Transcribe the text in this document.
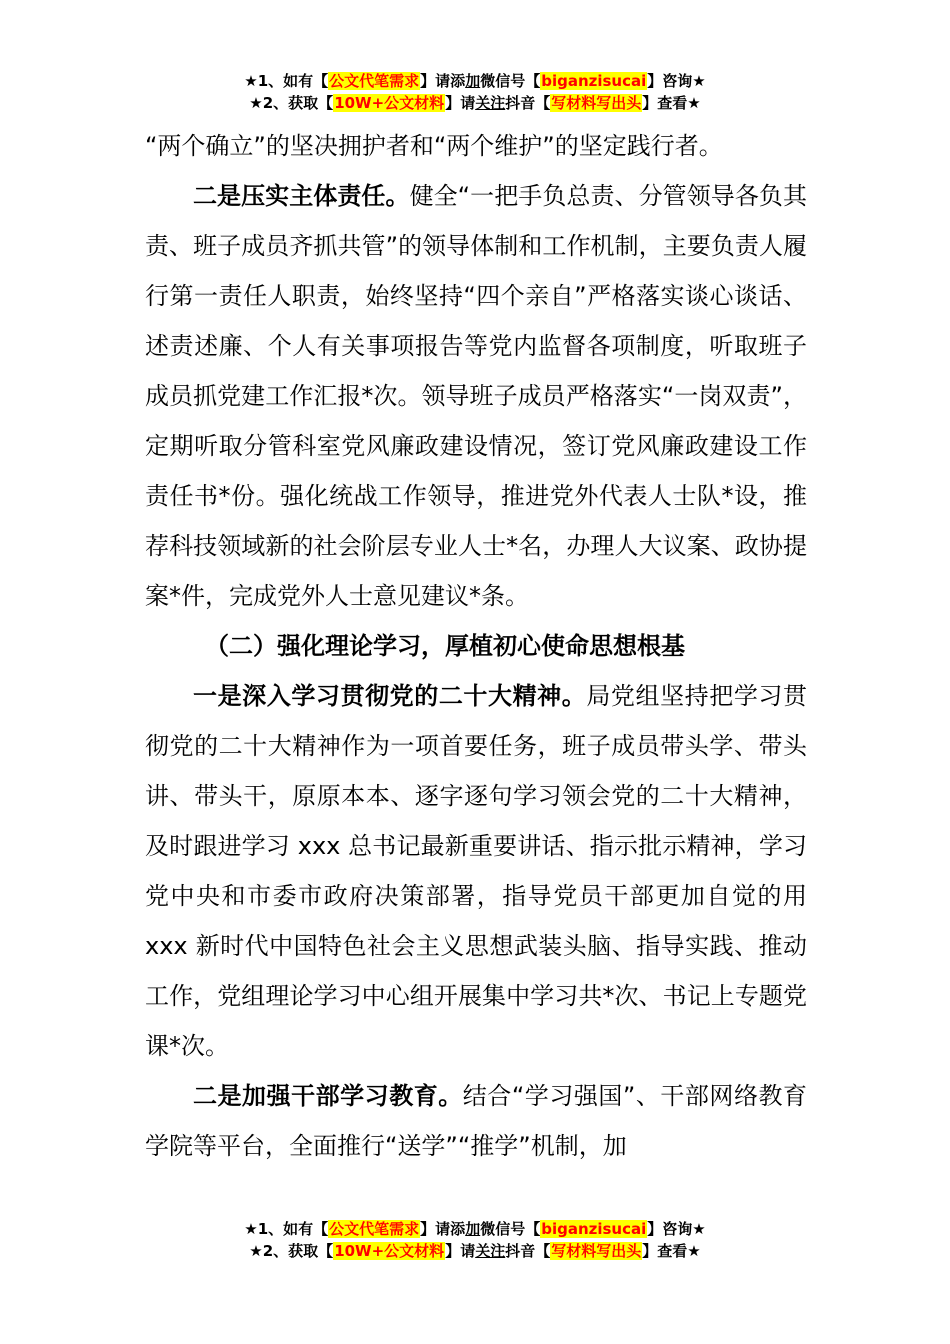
★1、如有【公文代笔需求】请添加微信号【biganzisucai】咨询★
★2、获取【10W+公文材料】请关注抖音【写材料写出头】查看★

“两个确立”的坚决拥护者和“两个维护”的坚定践行者。

二是压实主体责任。健全“一把手负总责、分管领导各负其责、班子成员齐抓共管”的领导体制和工作机制，主要负责人履行第一责任人职责，始终坚持“四个亲自”严格落实谈心谈话、述责述廉、个人有关事项报告等党内监督各项制度，听取班子成员抓党建工作汇报*次。领导班子成员严格落实“一岗双责”，定期听取分管科室党风廉政建设情况，签订党风廉政建设工作责任书*份。强化统战工作领导，推进党外代表人士队*设，推荐科技领域新的社会阶层专业人士*名，办理人大议案、政协提案*件，完成党外人士意见建议*条。

（二）强化理论学习，厚植初心使命思想根基

一是深入学习贯彻党的二十大精神。局党组坚持把学习贯彻党的二十大精神作为一项首要任务，班子成员带头学、带头讲、带头干，原原本本、逐字逐句学习领会党的二十大精神，及时跟进学习 xxx 总书记最新重要讲话、指示批示精神，学习党中央和市委市政府决策部署，指导党员干部更加自觉的用 xxx 新时代中国特色社会主义思想武装头脑、指导实践、推动工作，党组理论学习中心组开展集中学习共*次、书记上专题党课*次。

二是加强干部学习教育。结合“学习强国”、干部网络教育学院等平台，全面推行“送学”“推学”机制，加

★1、如有【公文代笔需求】请添加微信号【biganzisucai】咨询★
★2、获取【10W+公文材料】请关注抖音【写材料写出头】查看★
